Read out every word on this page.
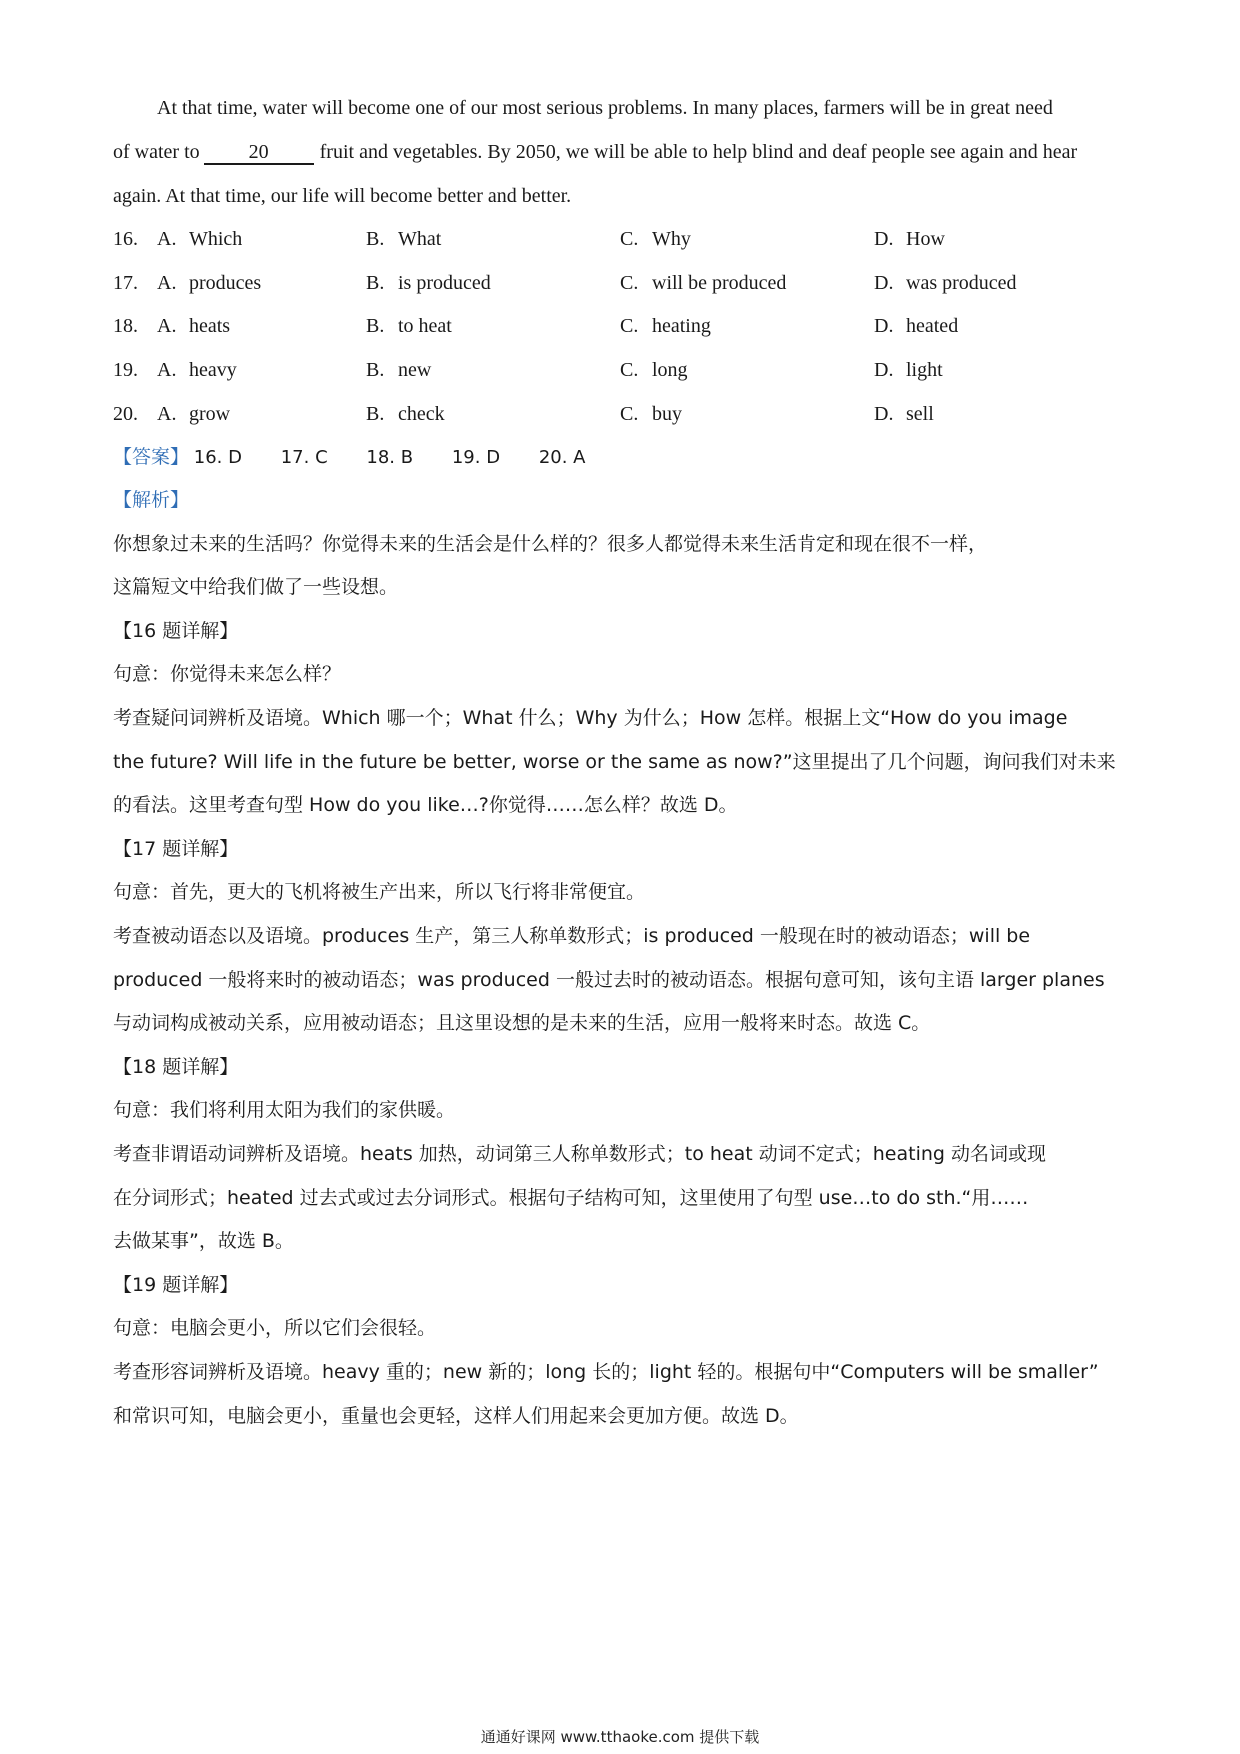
At that time, water will become one of our most serious problems. In many places, farmers will be in great need
of water to 20	fruit and vegetables. By 2050, we will be able to help blind and deaf people see again and hear
again. At that time, our life will become better and better.
16. A. Which	B. What	C. Why	D. How
17. A. produces	B. is produced	C. will be produced	D. was produced
18. A. heats	B. to heat	C. heating	D. heated
19. A. heavy	B. new	C. long	D. light
20. A. grow	B. check	C. buy	D. sell
【答案】 16. D 17. C 18. B 19. D 20. A
【解析】
你想象过未来的生活吗？你觉得未来的生活会是什么样的？很多人都觉得未来生活肯定和现在很不一样，
这篇短文中给我们做了一些设想。
【16 题详解】
句意：你觉得未来怎么样？
考查疑问词辨析及语境。Which 哪一个；What 什么；Why 为什么；How 怎样。根据上文“How do you image
the future? Will life in the future be better, worse or the same as now?”这里提出了几个问题，询问我们对未来
的看法。这里考查句型 How do you like…?你觉得……怎么样？故选 D。
【17 题详解】
句意：首先，更大的飞机将被生产出来，所以飞行将非常便宜。
考查被动语态以及语境。produces 生产，第三人称单数形式；is produced 一般现在时的被动语态；will be
produced 一般将来时的被动语态；was produced 一般过去时的被动语态。根据句意可知，该句主语 larger planes
与动词构成被动关系，应用被动语态；且这里设想的是未来的生活，应用一般将来时态。故选 C。
【18 题详解】
句意：我们将利用太阳为我们的家供暖。
考查非谓语动词辨析及语境。heats 加热，动词第三人称单数形式；to heat 动词不定式；heating 动名词或现
在分词形式；heated 过去式或过去分词形式。根据句子结构可知，这里使用了句型 use…to do sth.“用……
去做某事”，故选 B。
【19 题详解】
句意：电脑会更小，所以它们会很轻。
考查形容词辨析及语境。heavy 重的；new 新的；long 长的；light 轻的。根据句中“Computers will be smaller”
和常识可知，电脑会更小，重量也会更轻，这样人们用起来会更加方便。故选 D。
通通好课网 www.tthaoke.com 提供下载
